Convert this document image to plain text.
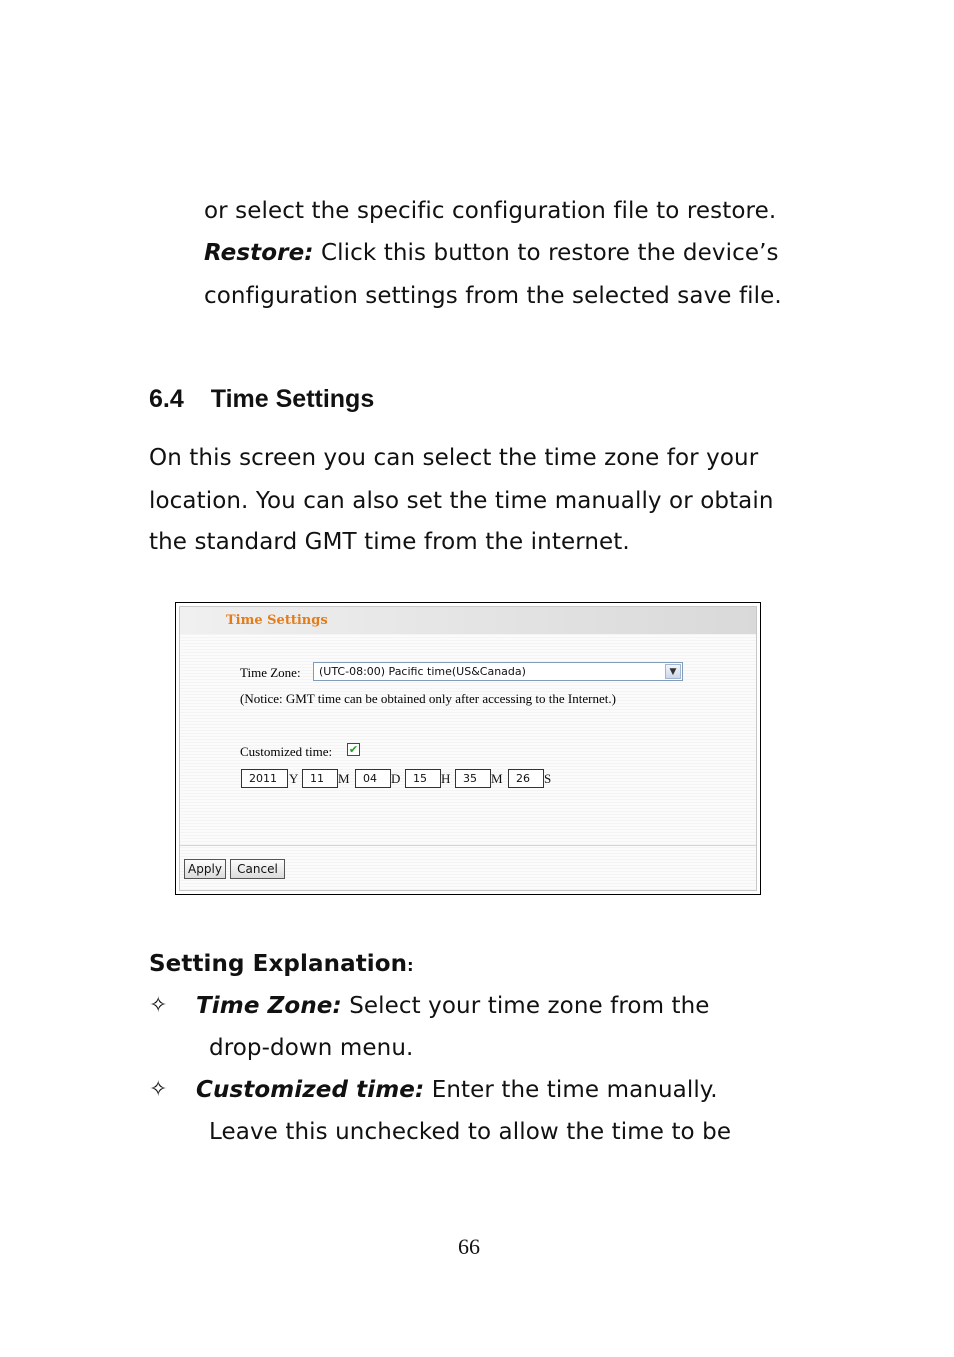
or select the specific configuration file to restore.
Restore: Click this button to restore the device’s
configuration settings from the selected save file.
6.4 Time Settings
On this screen you can select the time zone for your
location. You can also set the time manually or obtain
the standard GMT time from the internet.
Time Settings
Time Zone: (UTC-08:00) Pacific time(US&Canada)	▼
(Notice: GMT time can be obtained only after accessing to the Internet.)
Customized time: ✔
2011 Y	11	M	04	D	15	H	35	M	26	S
Apply	Cancel
Setting Explanation:
✧ Time Zone: Select your time zone from the
drop-down menu.
✧ Customized time: Enter the time manually.
Leave this unchecked to allow the time to be
66
